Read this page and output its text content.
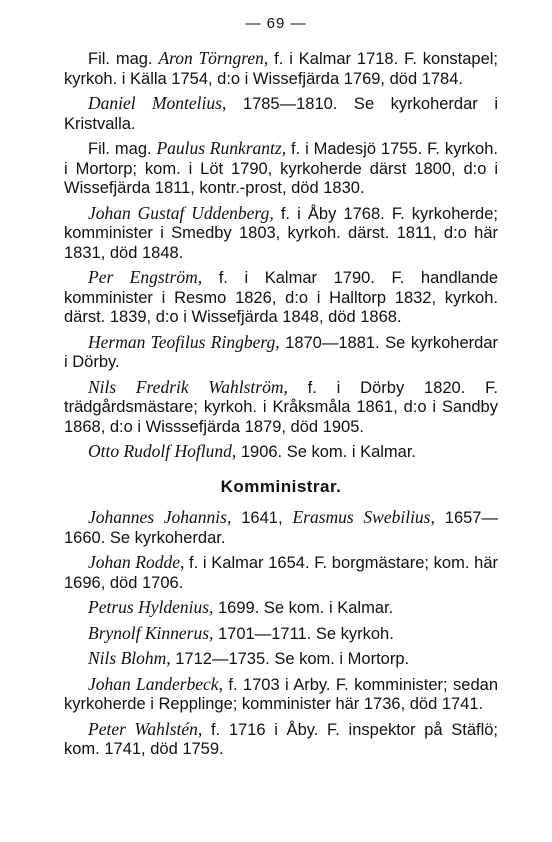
— 69 —

Fil. mag. Aron Törngren, f. i Kalmar 1718. F. konstapel; kyrkoh. i Källa 1754, d:o i Wissefjärda 1769, död 1784.

Daniel Montelius, 1785—1810. Se kyrkoherdar i Kristvalla.

Fil. mag. Paulus Runkrantz, f. i Madesjö 1755. F. kyrkoh. i Mortorp; kom. i Löt 1790, kyrkoherde därst 1800, d:o i Wissefjärda 1811, kontr.-prost, död 1830.

Johan Gustaf Uddenberg, f. i Åby 1768. F. kyrkoherde; komminister i Smedby 1803, kyrkoh. därst. 1811, d:o här 1831, död 1848.

Per Engström, f. i Kalmar 1790. F. handlande komminister i Resmo 1826, d:o i Halltorp 1832, kyrkoh. därst. 1839, d:o i Wissefjärda 1848, död 1868.

Herman Teofilus Ringberg, 1870—1881. Se kyrkoherdar i Dörby.

Nils Fredrik Wahlström, f. i Dörby 1820. F. trädgårdsmästare; kyrkoh. i Kråksmåla 1861, d:o i Sandby 1868, d:o i Wisssefjärda 1879, död 1905.

Otto Rudolf Hoflund, 1906. Se kom. i Kalmar.

Komministrar.

Johannes Johannis, 1641, Erasmus Swebilius, 1657—1660. Se kyrkoherdar.

Johan Rodde, f. i Kalmar 1654. F. borgmästare; kom. här 1696, död 1706.

Petrus Hyldenius, 1699. Se kom. i Kalmar.

Brynolf Kinnerus, 1701—1711. Se kyrkoh.

Nils Blohm, 1712—1735. Se kom. i Mortorp.

Johan Landerbeck, f. 1703 i Arby. F. komminister; sedan kyrkoherde i Repplinge; komminister här 1736, död 1741.

Peter Wahlstén, f. 1716 i Åby. F. inspektor på Stäflö; kom. 1741, död 1759.
